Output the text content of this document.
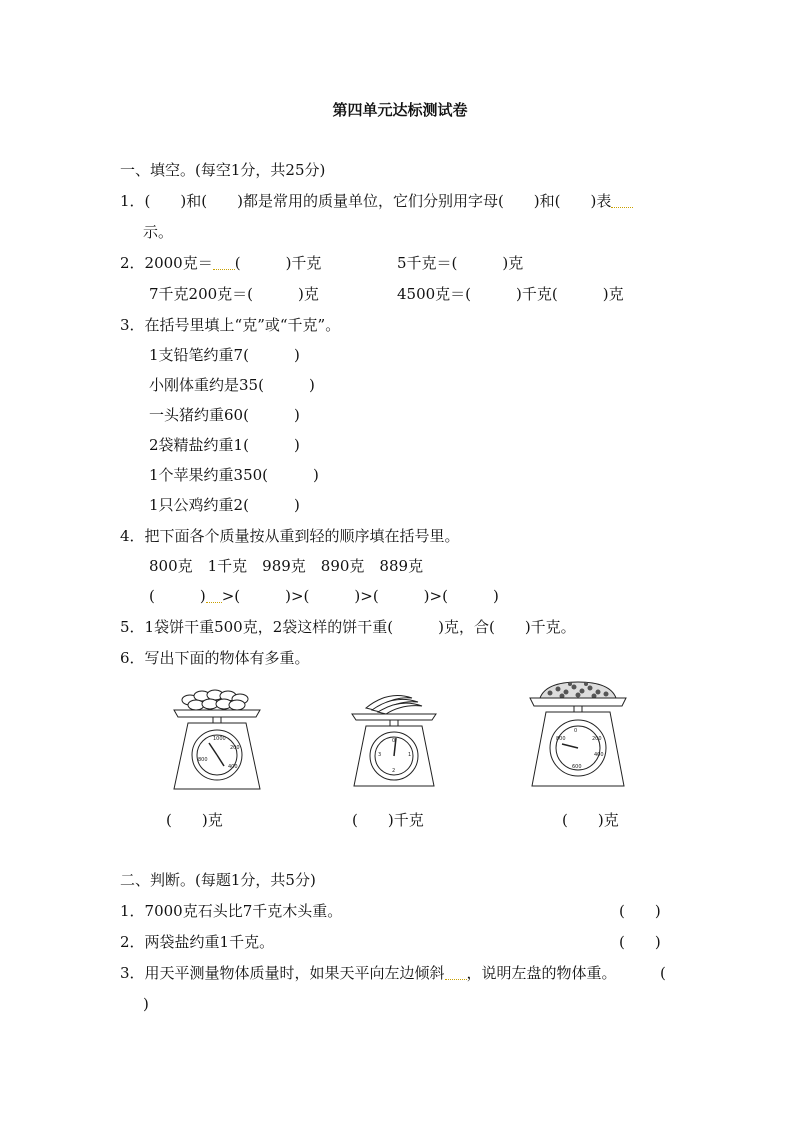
第四单元达标测试卷
一、填空。(每空1分，共25分)
1．(　　)和(　　)都是常用的质量单位，它们分别用字母(　　)和(　　)表
示。
2．2000克＝ (　　　)千克	5千克＝(　　　)克
7千克200克＝(　　　)克	4500克＝(　　　)千克(　　　)克
3．在括号里填上“克”或“千克”。
1支铅笔约重7(　　　)
小刚体重约是35(　　　)
一头猪约重60(　　　)
2袋精盐约重1(　　　)
1个苹果约重350(　　　)
1只公鸡约重2(　　　)
4．把下面各个质量按从重到轻的顺序填在括号里。
800克　1千克　989克　890克　889克
(　　　) >(　　　)>(　　　)>(　　　)>(　　　)
5．1袋饼干重500克，2袋这样的饼干重(　　　)克，合(　　)千克。
6．写出下面的物体有多重。
1000
200
800
400
(　　)克
0
1
2
3
(　　)千克
0
200
400
600
800
(　　)克
二、判断。(每题1分，共5分)
1．7000克石头比7千克木头重。	(　　)
2．两袋盐约重1千克。	(　　)
3．用天平测量物体质量时，如果天平向左边倾斜 ，说明左盘的物体重。	(
)
